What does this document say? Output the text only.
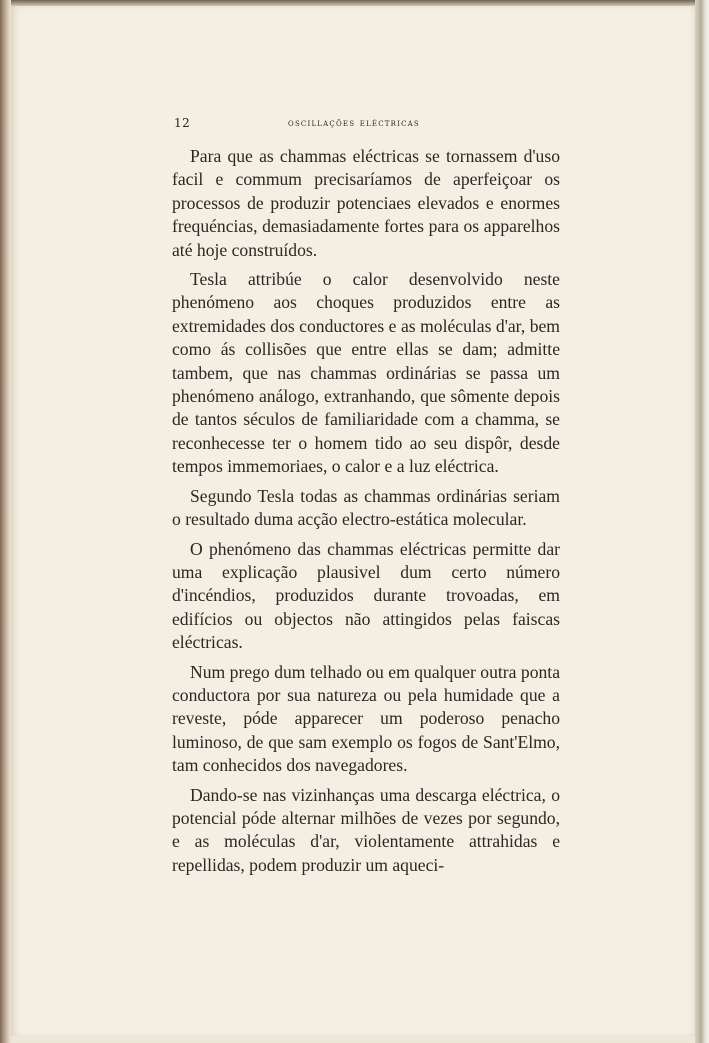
12	oscillações eléctricas

Para que as chammas eléctricas se tornassem d'uso facil e commum precisaríamos de aperfeiçoar os processos de produzir potenciaes elevados e enormes frequéncias, demasiadamente fortes para os apparelhos até hoje construídos.

Tesla attribúe o calor desenvolvido neste phenómeno aos choques produzidos entre as extremidades dos conductores e as moléculas d'ar, bem como ás collisões que entre ellas se dam; admitte tambem, que nas chammas ordinárias se passa um phenómeno análogo, extranhando, que sômente depois de tantos séculos de familiaridade com a chamma, se reconhecesse ter o homem tido ao seu dispôr, desde tempos immemoriaes, o calor e a luz eléctrica.

Segundo Tesla todas as chammas ordinárias seriam o resultado duma acção electro-estática molecular.

O phenómeno das chammas eléctricas permitte dar uma explicação plausivel dum certo número d'incéndios, produzidos durante trovoadas, em edifícios ou objectos não attingidos pelas faiscas eléctricas.

Num prego dum telhado ou em qualquer outra ponta conductora por sua natureza ou pela humidade que a reveste, póde apparecer um poderoso penacho luminoso, de que sam exemplo os fogos de Sant'Elmo, tam conhecidos dos navegadores.

Dando-se nas vizinhanças uma descarga eléctrica, o potencial póde alternar milhões de vezes por segundo, e as moléculas d'ar, violentamente attrahidas e repellidas, podem produzir um aqueci-
